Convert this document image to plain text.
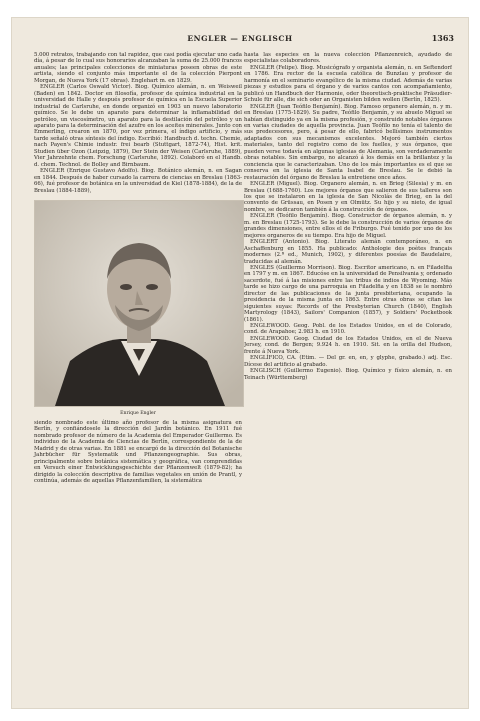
ENGLER — ENGLISCH	1363

5.000 retratos, trabajando con tal rapidez, que casi podía ejecutar uno cada día, á pesar de lo cual sus honorarios alcanzaban la suma de 25.000 francos anuales; las principales colecciones de miniaturas poseen obras de este artista, siendo el conjunto más importante el de la colección Pierpont Morgan, de Nueva York (17 obras). Englehart m. en 1829.

ENGLER (Carlos Oswald Víctor). Biog. Químico alemán, n. en Weisweil (Baden) en 1842. Doctor en filosofía, profesor de química industrial en la universidad de Halle y después profesor de química en la Escuela Superior industrial de Carlsruhe, en donde organizó en 1903 un nuevo laboratorio químico. Se le debe un aparato para determinar la inflamabilidad del petróleo, un viscosímetro, un aparato para la destilación del petróleo y un aparato para la determinación del azufre en los aceites minerales. Junto con Emmerling, crearon en 1870, por vez primera, el índigo artificio, y más tarde señaló otras síntesis del índigo. Escribió: Handbuch d. techn. Chemie, nach Payen's Chimie industr. frei bearb (Stuttgart, 1872-74), Hist. krit. Studien über Ozon (Leipzig, 1879), Der Stein der Weisen (Carlsruhe, 1889), Vier Jahrzehnte chem. Forschung (Carlsruhe, 1892). Colaboró en el Handb. d. chem. Technol. de Bolley and Birnbaum.

ENGLER (Enrique Gustavo Adolfo). Biog. Botánico alemán, n. en Sagan en 1844. Después de haber cursado la carrera de ciencias en Breslau (1863-66), fué profesor de botánica en la universidad de Kiel (1878-1884), de la de Breslau (1884-1889),

Enrique Engler

siendo nombrado este último año profesor de la misma asignatura en Berlín, y confiándosele la dirección del Jardín botánico. En 1911 fué nombrado profesor de número de la Academia del Emperador Guillermo. Es individuo de la Academia de Ciencias de Berlín, correspondiente de la de Madrid y de otras varias. En 1881 se encargó de la dirección del Botanische Jahrbücher für Systematik und Pflanzengeographie. Sus obras, principalmente sobre botánica sistemática y geográfica, van comprendidas en Versuch einer Entwicklungsgeschichte der Pflanzenwelt (1879-82); ha dirigido la colección descriptiva de familias vegetales en unión de Prantl, y continúa, además de aquellas Pflanzenfamilien, la sistemática

hasta las especies en la nueva colección Pflanzenreich, ayudado de especialistas colaboradores.

ENGLER (Felipe). Biog. Musicógrafo y organista alemán, n. en Seftendorf en 1786. Era rector de la escuela católica de Bunzlau y profesor de harmonía en el seminario evangélico de la misma ciudad. Además de varias piezas y estudios para el órgano y de varios cantos con acompañamiento, publicó un Handbuch der Harmonie, oder theoretisch-praktische Präsudier-Schule für alle, die sich oder an Organisten bilden wollen (Berlín, 1825).

ENGLER (Juan Teófilo Benjamín). Biog. Famoso organero alemán, n. y m. en Breslau (1775-1829). Su padre, Teófilo Benjamín, y su abuelo Miguel se habían distinguido ya en la misma profesión, y construido notables órganos en varias ciudades de aquella provincia. Juan Teófilo no tenía el talento de sus predecesores, pero, á pesar de ello, fabricó bellísimos instrumentos adaptados con sus mecanismos excelentes. Mejoró también ciertos materiales, tanto del registro como de los fuelles, y sus órganos, que pueden verse todavía en algunas iglesias de Alemania, son verdaderamente obras notables. Sin embargo, no alcanzó á los demás en la brillantez y la conciencia que le caracterizaban. Uno de los más importantes es el que se conserva en la iglesia de Santa Isabel de Breslau. Se le debió la restauración del órgano de Breslau la entretiene once años.

ENGLER (Miguel). Biog. Organero alemán, n. en Brieg (Silesia) y m. en Breslau (1688-1760). Los mejores órganos que salieron de sus talleres son los que se instalaron en la iglesia de San Nicolás de Brieg, en la del convento de Grüssau, en Posen y en Olmütz. Su hijo y su nieto, de igual nombre, se dedicaron también á la construcción de órganos.

ENGLER (Teófilo Benjamín). Biog. Constructor de órganos alemán, n. y m. en Breslau (1725-1793). Se le debe la construcción de varios órganos de grandes dimensiones, entre ellos el de Friburgo. Fué tenido por uno de los mejores organeros de su tiempo. Era hijo de Miguel.

ENGLERT (Antonio). Biog. Literato alemán contemporáneo, n. en Aschaffenburg en 1855. Ha publicado: Anthologie des poètes français modernes (2.ª ed., Munich, 1902), y diferentes poesías de Baudelaire, traducidas al alemán.

ENGLES (Guillermo Morrison). Biog. Escritor americano, n. en Filadelfia en 1797 y m. en 1867. Educóse en la universidad de Pensilvania y, ordenado sacerdote, fué á las misiones entre las tribus de indios de Wyoming. Más tarde se hizo cargo de una parroquia en Filadelfia y en 1838 se le nombró director de las publicaciones de la junta presbiteriana, ocupando la presidencia de la misma junta en 1863. Entre otras obras se citan las siguientes suyas: Records of the Presbyterian Church (1840), English Martyrology (1843), Sailors' Companion (1857), y Soldiers' Pocketbook (1861).

ENGLEWOOD. Geog. Pobl. de los Estados Unidos, en el de Colorado, cond. de Arapahoe; 2.983 h. en 1910.

ENGLEWOOD. Geog. Ciudad de los Estados Unidos, en el de Nueva Jersey, cond. de Bergen; 9.924 h. en 1910. Sit. en la orilla del Hudson, frente á Nueva York.

ENGLÍFICO, CA. (Etim. — Del gr. en, en, y glyphe, grabado.) adj. Esc. Dícese del artificio al grabado.

ENGLISCH (Guillermo Eugenio). Biog. Químico y físico alemán, n. en Teinach (Württemberg)
